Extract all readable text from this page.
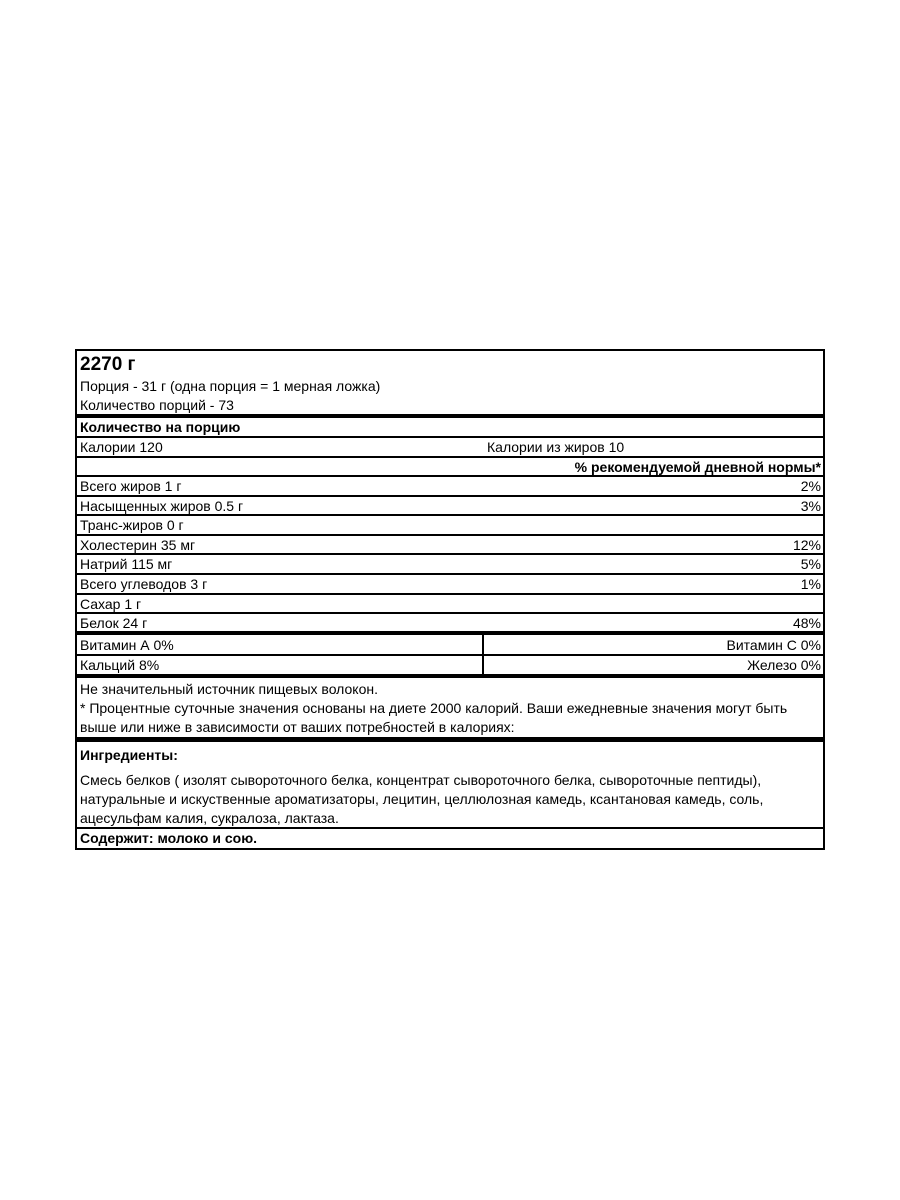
2270 г
Порция - 31 г (одна порция = 1 мерная ложка)
Количество порций - 73
Количество на порцию
Калории 120	Калории из жиров 10
% рекомендуемой дневной нормы*
Всего жиров 1 г	2%
Насыщенных жиров 0.5 г	3%
Транс-жиров 0 г
Холестерин 35 мг	12%
Натрий 115 мг	5%
Всего углеводов 3 г	1%
Сахар 1 г
Белок 24 г	48%
Витамин А 0%	Витамин С 0%
Кальций 8%	Железо 0%
Не значительный источник пищевых волокон.
* Процентные суточные значения основаны на диете 2000 калорий. Ваши ежедневные значения могут быть выше или ниже в зависимости от ваших потребностей в калориях:
Ингредиенты:
Смесь белков ( изолят сывороточного белка, концентрат сывороточного белка, сывороточные пептиды), натуральные и искуственные ароматизаторы, лецитин, целлюлозная камедь, ксантановая камедь, соль, ацесульфам калия, сукралоза, лактаза.
Содержит: молоко и сою.
